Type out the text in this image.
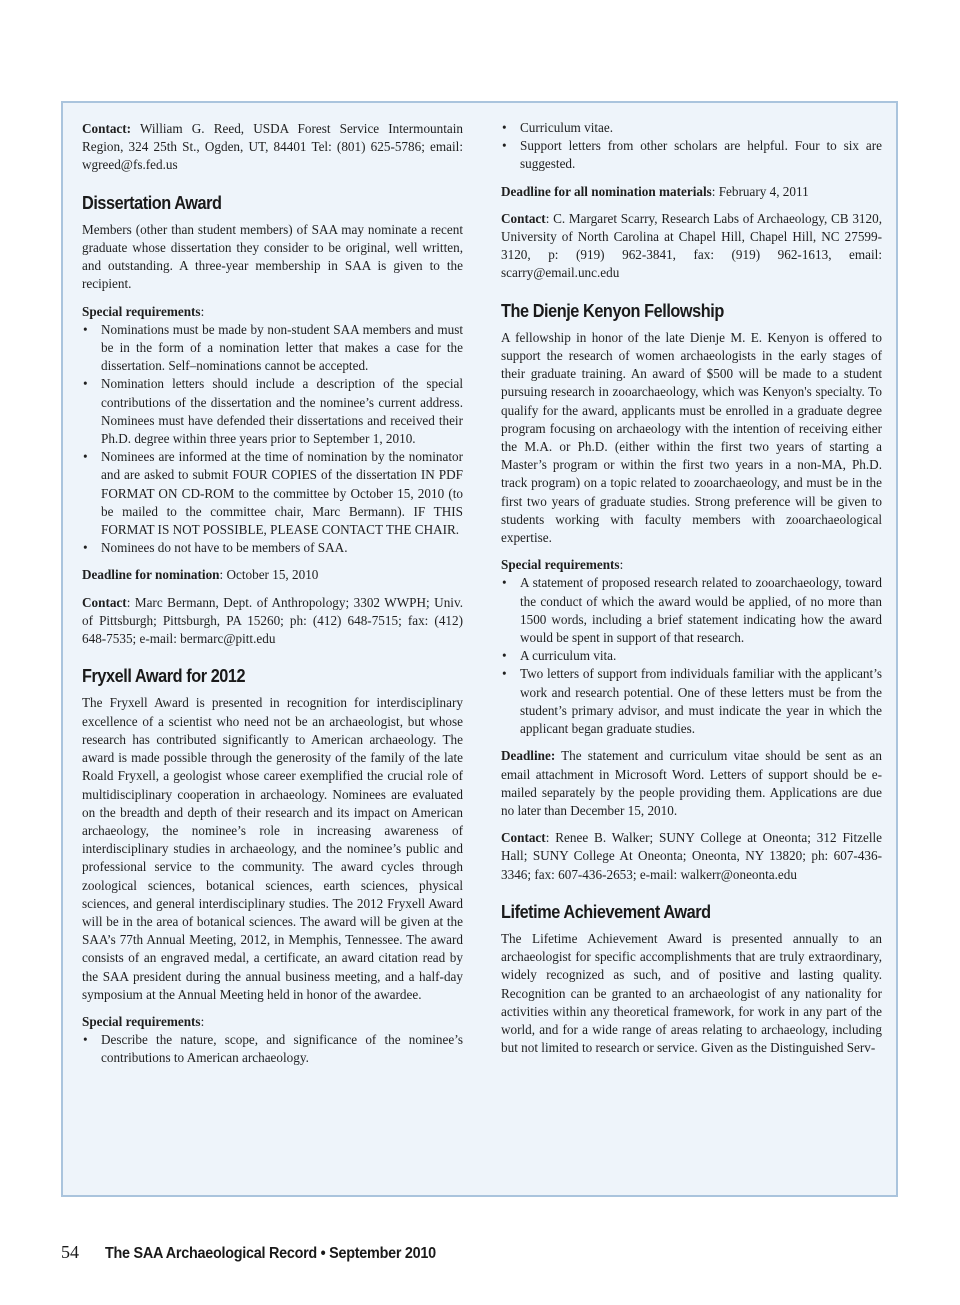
Contact: William G. Reed, USDA Forest Service Intermountain Region, 324 25th St., Ogden, UT, 84401 Tel: (801) 625-5786; email: wgreed@fs.fed.us

Dissertation Award

Members (other than student members) of SAA may nominate a recent graduate whose dissertation they consider to be original, well written, and outstanding. A three-year membership in SAA is given to the recipient.

Special requirements:

• Nominations must be made by non-student SAA members and must be in the form of a nomination letter that makes a case for the dissertation. Self–nominations cannot be accepted.
• Nomination letters should include a description of the special contributions of the dissertation and the nominee’s current address. Nominees must have defended their dissertations and received their Ph.D. degree within three years prior to September 1, 2010.
• Nominees are informed at the time of nomination by the nominator and are asked to submit FOUR COPIES of the dissertation IN PDF FORMAT ON CD-ROM to the committee by October 15, 2010 (to be mailed to the committee chair, Marc Bermann). IF THIS FORMAT IS NOT POSSIBLE, PLEASE CONTACT THE CHAIR.
• Nominees do not have to be members of SAA.

Deadline for nomination: October 15, 2010

Contact: Marc Bermann, Dept. of Anthropology; 3302 WWPH; Univ. of Pittsburgh; Pittsburgh, PA 15260; ph: (412) 648-7515; fax: (412) 648-7535; e-mail: bermarc@pitt.edu

Fryxell Award for 2012

The Fryxell Award is presented in recognition for interdisciplinary excellence of a scientist who need not be an archaeologist, but whose research has contributed significantly to American archaeology. The award is made possible through the generosity of the family of the late Roald Fryxell, a geologist whose career exemplified the crucial role of multidisciplinary cooperation in archaeology. Nominees are evaluated on the breadth and depth of their research and its impact on American archaeology, the nominee’s role in increasing awareness of interdisciplinary studies in archaeology, and the nominee’s public and professional service to the community. The award cycles through zoological sciences, botanical sciences, earth sciences, physical sciences, and general interdisciplinary studies. The 2012 Fryxell Award will be in the area of botanical sciences. The award will be given at the SAA’s 77th Annual Meeting, 2012, in Memphis, Tennessee. The award consists of an engraved medal, a certificate, an award citation read by the SAA president during the annual business meeting, and a half-day symposium at the Annual Meeting held in honor of the awardee.

Special requirements:

• Describe the nature, scope, and significance of the nominee’s contributions to American archaeology.
• Curriculum vitae.
• Support letters from other scholars are helpful. Four to six are suggested.

Deadline for all nomination materials: February 4, 2011

Contact: C. Margaret Scarry, Research Labs of Archaeology, CB 3120, University of North Carolina at Chapel Hill, Chapel Hill, NC 27599-3120, p: (919) 962-3841, fax: (919) 962-1613, email: scarry@email.unc.edu

The Dienje Kenyon Fellowship

A fellowship in honor of the late Dienje M. E. Kenyon is offered to support the research of women archaeologists in the early stages of their graduate training. An award of $500 will be made to a student pursuing research in zooarchaeology, which was Kenyon's specialty. To qualify for the award, applicants must be enrolled in a graduate degree program focusing on archaeology with the intention of receiving either the M.A. or Ph.D. (either within the first two years of starting a Master’s program or within the first two years in a non-MA, Ph.D. track program) on a topic related to zooarchaeology, and must be in the first two years of graduate studies. Strong preference will be given to students working with faculty members with zooarchaeological expertise.

Special requirements:

• A statement of proposed research related to zooarchaeology, toward the conduct of which the award would be applied, of no more than 1500 words, including a brief statement indicating how the award would be spent in support of that research.
• A curriculum vita.
• Two letters of support from individuals familiar with the applicant’s work and research potential. One of these letters must be from the student’s primary advisor, and must indicate the year in which the applicant began graduate studies.

Deadline: The statement and curriculum vitae should be sent as an email attachment in Microsoft Word. Letters of support should be e-mailed separately by the people providing them. Applications are due no later than December 15, 2010.

Contact: Renee B. Walker; SUNY College at Oneonta; 312 Fitzelle Hall; SUNY College At Oneonta; Oneonta, NY 13820; ph: 607-436-3346; fax: 607-436-2653; e-mail: walkerr@oneonta.edu

Lifetime Achievement Award

The Lifetime Achievement Award is presented annually to an archaeologist for specific accomplishments that are truly extraordinary, widely recognized as such, and of positive and lasting quality. Recognition can be granted to an archaeologist of any nationality for activities within any theoretical framework, for work in any part of the world, and for a wide range of areas relating to archaeology, including but not limited to research or service. Given as the Distinguished Serv-

54 The SAA Archaeological Record • September 2010
